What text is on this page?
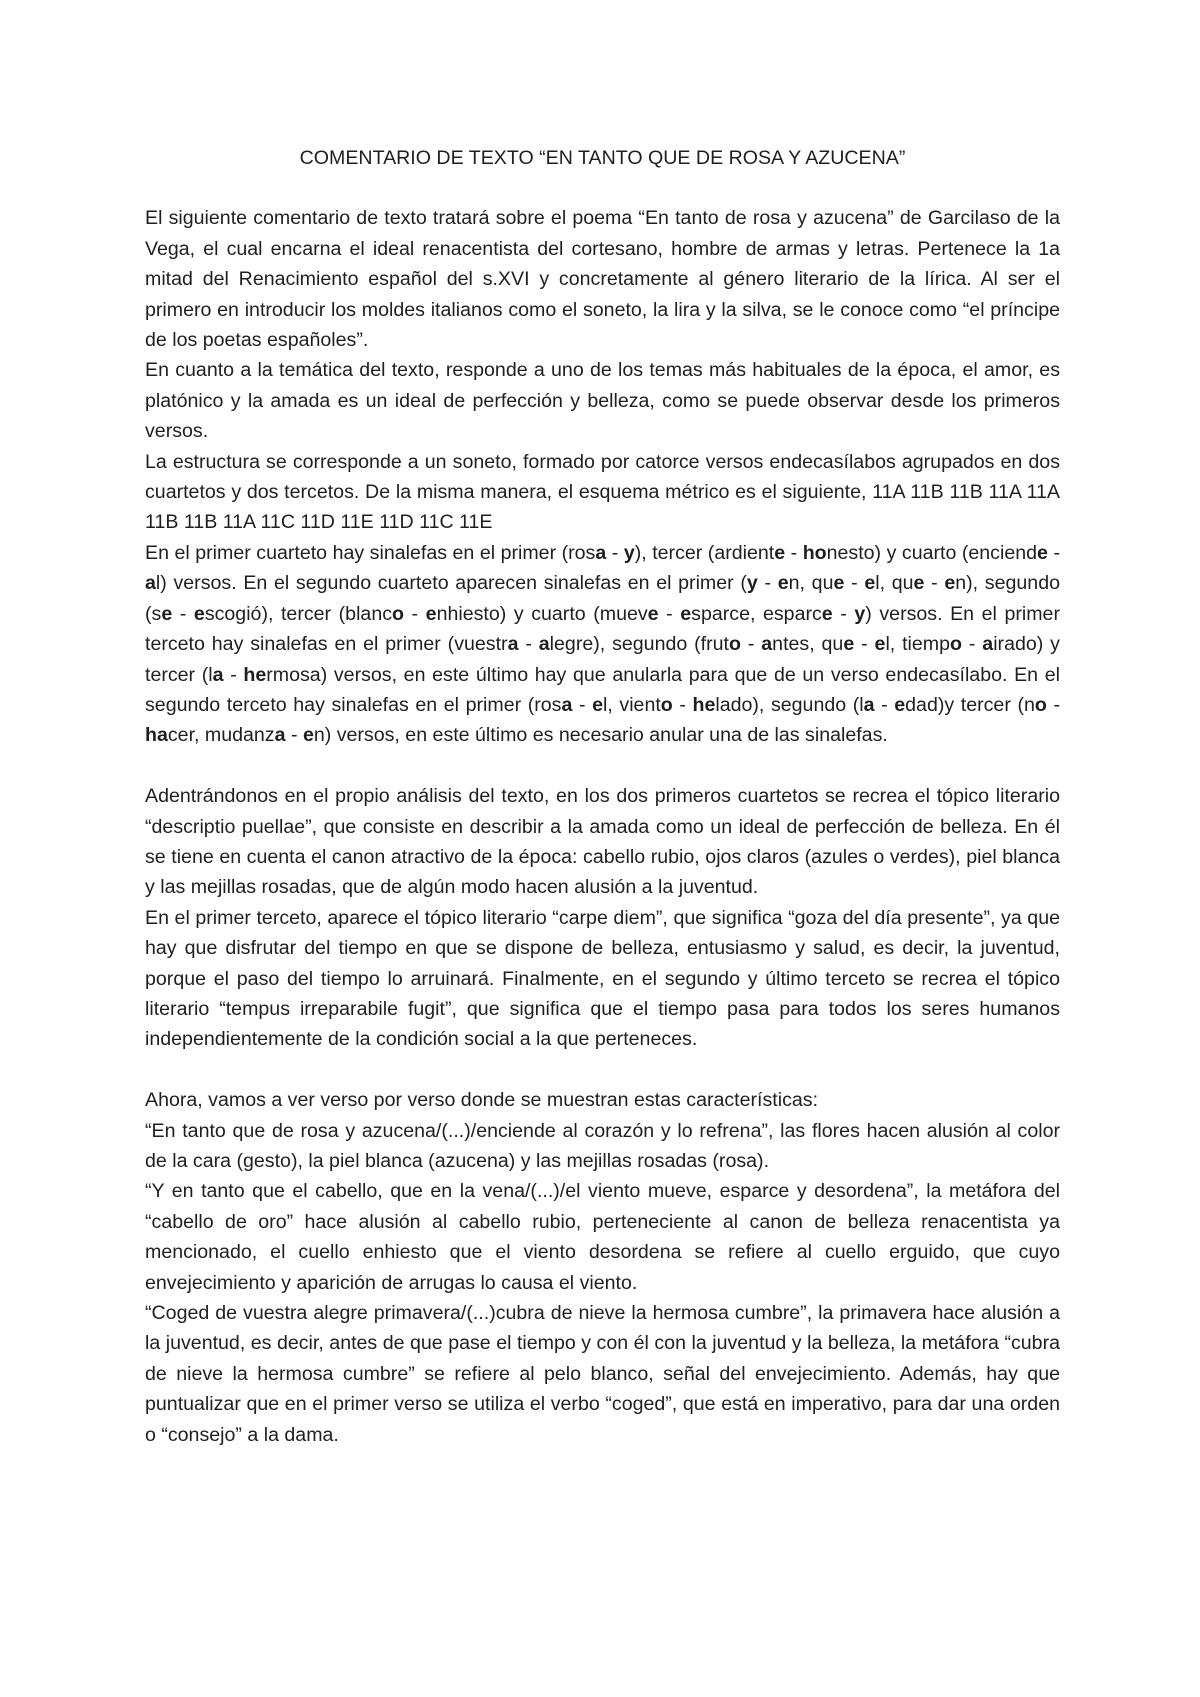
COMENTARIO DE TEXTO “EN TANTO QUE DE ROSA Y AZUCENA”

El siguiente comentario de texto tratará sobre el poema “En tanto de rosa y azucena” de Garcilaso de la Vega, el cual encarna el ideal renacentista del cortesano, hombre de armas y letras. Pertenece la 1a mitad del Renacimiento español del s.XVI y concretamente al género literario de la lírica. Al ser el primero en introducir los moldes italianos como el soneto, la lira y la silva, se le conoce como “el príncipe de los poetas españoles”.

En cuanto a la temática del texto, responde a uno de los temas más habituales de la época, el amor, es platónico y la amada es un ideal de perfección y belleza, como se puede observar desde los primeros versos.

La estructura se corresponde a un soneto, formado por catorce versos endecasílabos agrupados en dos cuartetos y dos tercetos. De la misma manera, el esquema métrico es el siguiente, 11A 11B 11B 11A 11A 11B 11B 11A 11C 11D 11E 11D 11C 11E

En el primer cuarteto hay sinalefas en el primer (rosa - y), tercer (ardiente - honesto) y cuarto (enciende - al) versos. En el segundo cuarteto aparecen sinalefas en el primer (y - en, que - el, que - en), segundo (se - escogió), tercer (blanco - enhiesto) y cuarto (mueve - esparce, esparce - y) versos. En el primer terceto hay sinalefas en el primer (vuestra - alegre), segundo (fruto - antes, que - el, tiempo - airado) y tercer (la - hermosa) versos, en este último hay que anularla para que de un verso endecasílabo. En el segundo terceto hay sinalefas en el primer (rosa - el, viento - helado), segundo (la - edad)y tercer (no - hacer, mudanza - en) versos, en este último es necesario anular una de las sinalefas.

Adentrándonos en el propio análisis del texto, en los dos primeros cuartetos se recrea el tópico literario “descriptio puellae”, que consiste en describir a la amada como un ideal de perfección de belleza. En él se tiene en cuenta el canon atractivo de la época: cabello rubio, ojos claros (azules o verdes), piel blanca y las mejillas rosadas, que de algún modo hacen alusión a la juventud.

En el primer terceto, aparece el tópico literario “carpe diem”, que significa “goza del día presente”, ya que hay que disfrutar del tiempo en que se dispone de belleza, entusiasmo y salud, es decir, la juventud, porque el paso del tiempo lo arruinará. Finalmente, en el segundo y último terceto se recrea el tópico literario “tempus irreparabile fugit”, que significa que el tiempo pasa para todos los seres humanos independientemente de la condición social a la que perteneces.

Ahora, vamos a ver verso por verso donde se muestran estas características:

“En tanto que de rosa y azucena/(...)/enciende al corazón y lo refrena”, las flores hacen alusión al color de la cara (gesto), la piel blanca (azucena) y las mejillas rosadas (rosa).

“Y en tanto que el cabello, que en la vena/(...)/el viento mueve, esparce y desordena”, la metáfora del “cabello de oro” hace alusión al cabello rubio, perteneciente al canon de belleza renacentista ya mencionado, el cuello enhiesto que el viento desordena se refiere al cuello erguido, que cuyo envejecimiento y aparición de arrugas lo causa el viento.

“Coged de vuestra alegre primavera/(...)cubra de nieve la hermosa cumbre”, la primavera hace alusión a la juventud, es decir, antes de que pase el tiempo y con él con la juventud y la belleza, la metáfora “cubra de nieve la hermosa cumbre” se refiere al pelo blanco, señal del envejecimiento. Además, hay que puntualizar que en el primer verso se utiliza el verbo “coged”, que está en imperativo, para dar una orden o “consejo” a la dama.
